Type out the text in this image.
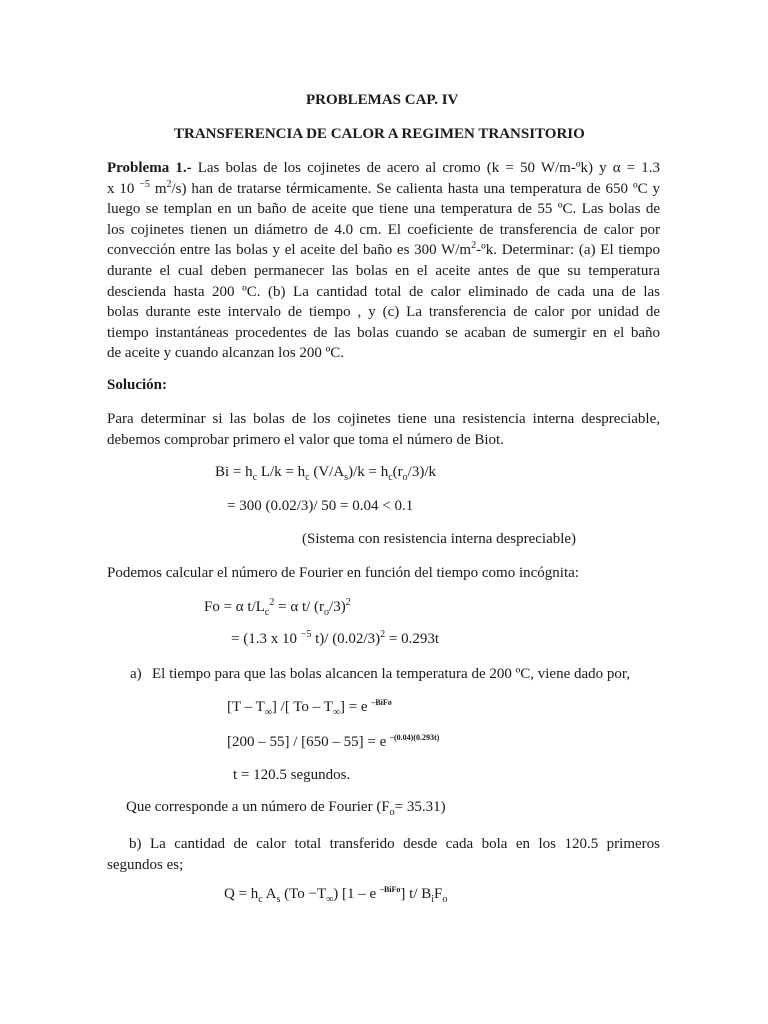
PROBLEMAS CAP. IV
TRANSFERENCIA DE CALOR A REGIMEN TRANSITORIO
Problema 1.- Las bolas de los cojinetes de acero al cromo (k = 50 W/m-ºk) y α = 1.3
x 10 $^{-5}$ $m^2/s$) han de tratarse térmicamente. Se calienta hasta una temperatura de 650 ºC y
luego se templan en un baño de aceite que tiene una temperatura de 55 ºC. Las bolas de
los cojinetes tienen un diámetro de 4.0 cm. El coeficiente de transferencia de calor por
convección entre las bolas y el aceite del baño es 300 $W/m^2-ºk$. Determinar: (a) El tiempo
durante el cual deben permanecer las bolas en el aceite antes de que su temperatura
descienda hasta 200 ºC. (b) La cantidad total de calor eliminado de cada una de las
bolas durante este intervalo de tiempo , y (c) La transferencia de calor por unidad de
tiempo instantáneas procedentes de las bolas cuando se acaban de sumergir en el baño
de aceite y cuando alcanzan los 200 ºC.
Solución:
Para determinar si las bolas de los cojinetes tiene una resistencia interna despreciable,
debemos comprobar primero el valor que toma el número de Biot.
$Bi = h_c$ $L/k = h_c$ $(V/A_s)/k = h_c(r_o/3)/k$
= 300 (0.02/3)/ 50 = 0.04 < 0.1
(Sistema con resistencia interna despreciable)
Podemos calcular el número de Fourier en función del tiempo como incógnita:
Fo = α $t/L_c^2 = \alpha$ t/ $(r_o/3)^2$
= (1.3 x 10 $^{-5}$ t)/ $(0.02/3)^2 = 0.293t$
a) El tiempo para que las bolas alcancen la temperatura de 200 ºC, viene dado por,
$[T - T_\infty]$ /[ $To - T_\infty] = e$ $^{-BiFo}$
[200 – 55] / [650 – 55] = e $^{-(0.04)(0.293t)}$
t = 120.5 segundos.
Que corresponde a un número de Fourier $(F_o= 35.31)$
b) La cantidad de calor total transferido desde cada bola en los 120.5 primeros
segundos es;
$Q = h_c$ $A_s$ $(To -T_\infty)$ [1 – e $^{-BiFo}$] t/ $B_iF_o$
